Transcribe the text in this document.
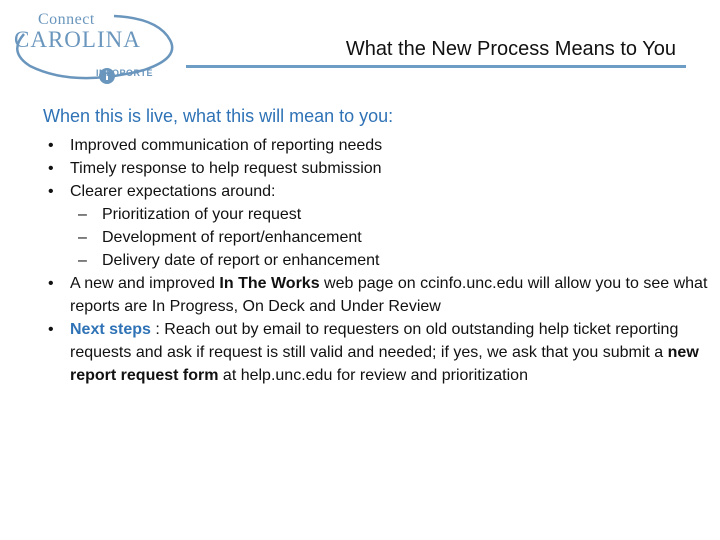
Connect
CAROLINA
INFOPORTE
What the New Process Means to You
When this is live, what this will mean to you:
• Improved communication of reporting needs
• Timely response to help request submission
• Clearer expectations around:
– Prioritization of your request
– Development of report/enhancement
– Delivery date of report or enhancement
• A new and improved In The Works web page on ccinfo.unc.edu will allow you to see what reports are In Progress, On Deck and Under Review
• Next steps : Reach out by email to requesters on old outstanding help ticket reporting requests and ask if request is still valid and needed; if yes, we ask that you submit a new report request form at help.unc.edu for review and prioritization
